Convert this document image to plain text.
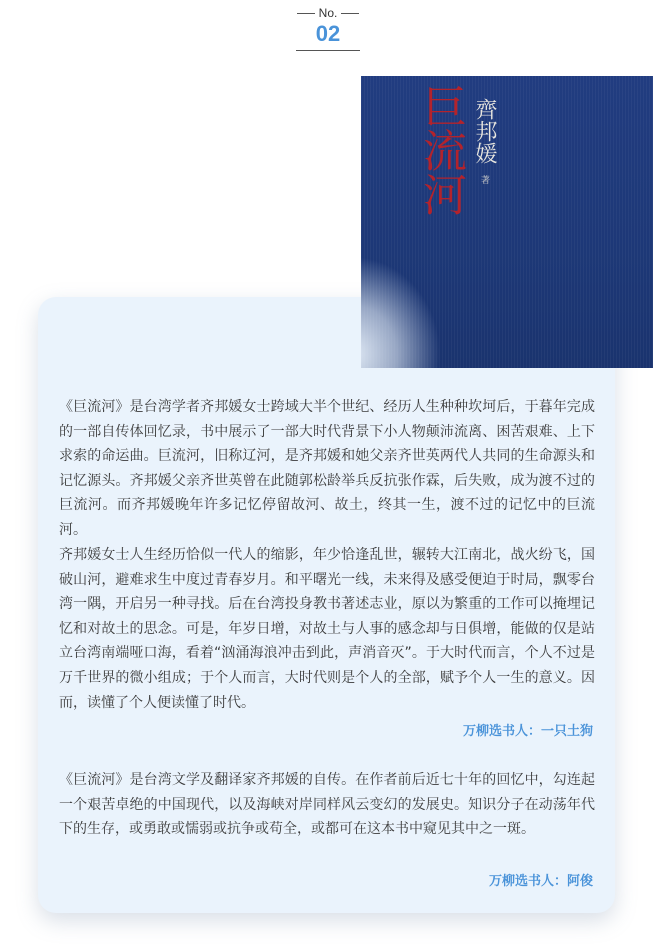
No.
02
巨流河 齊邦媛
著

《巨流河》是台湾学者齐邦媛女士跨域大半个世纪、经历人生种种坎坷后，于暮年完成的一部自传体回忆录，书中展示了一部大时代背景下小人物颠沛流离、困苦艰难、上下求索的命运曲。巨流河，旧称辽河，是齐邦媛和她父亲齐世英两代人共同的生命源头和记忆源头。齐邦媛父亲齐世英曾在此随郭松龄举兵反抗张作霖，后失败，成为渡不过的巨流河。而齐邦媛晚年许多记忆停留故河、故土，终其一生，渡不过的记忆中的巨流河。

齐邦媛女士人生经历恰似一代人的缩影，年少恰逢乱世，辗转大江南北，战火纷飞，国破山河，避难求生中度过青春岁月。和平曙光一线，未来得及感受便迫于时局，飘零台湾一隅，开启另一种寻找。后在台湾投身教书著述志业，原以为繁重的工作可以掩埋记忆和对故土的思念。可是，年岁日增，对故土与人事的感念却与日俱增，能做的仅是站立台湾南端哑口海，看着“汹涌海浪冲击到此，声消音灭”。于大时代而言，个人不过是万千世界的微小组成；于个人而言，大时代则是个人的全部，赋予个人一生的意义。因而，读懂了个人便读懂了时代。

万柳选书人：一只土狗

《巨流河》是台湾文学及翻译家齐邦媛的自传。在作者前后近七十年的回忆中，勾连起一个艰苦卓绝的中国现代，以及海峡对岸同样风云变幻的发展史。知识分子在动荡年代下的生存，或勇敢或懦弱或抗争或苟全，或都可在这本书中窥见其中之一斑。

万柳选书人：阿俊
